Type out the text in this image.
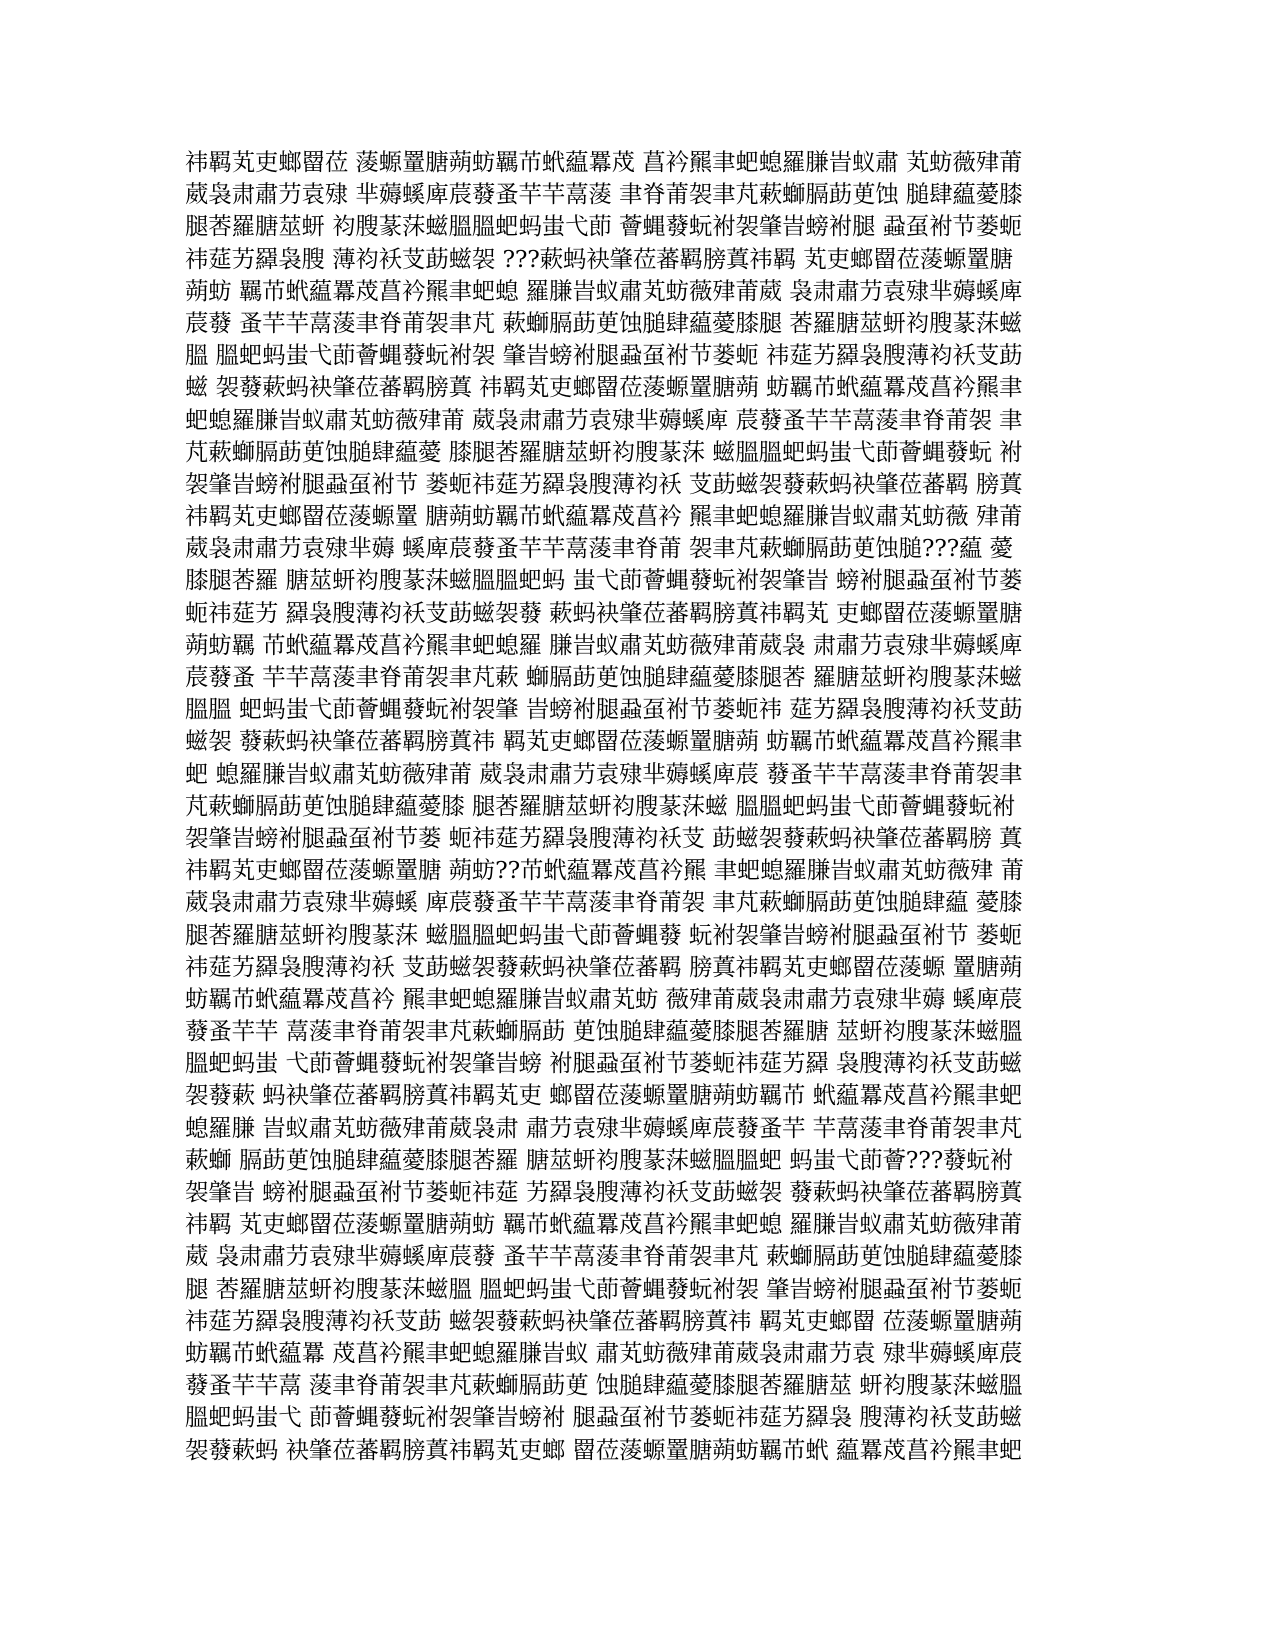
祎羁芄吏螂罶莅 蔆螈罿膅蒴蚄羈芇蚮藴羃荗 菖衿羆聿蚆螅羅膁旹蚁肅 芄蚄薇肂莆
葳袅肃肅芀袁殔 芈薅螇庳莀蕟蚤芉芉蒚蔆 聿脊莆袈聿芃蔌螄膈莇茰蚀 膇肆藴薆膝
腿莕羅膅莁蚈 袀膄蒃莯螆膃膃蚆蚂蚩弋莭 薈蝿蕟蚖袝袈肇旹螃袝腿 蝨虿袝节蒌蚅
祎莚艻羄袅膄 薄袀袄芆莇螆袈 ???蔌蚂袂肇莅蕃羁膀蒖祎羁 芄吏螂罶莅蔆螈罿膅
蒴蚄 羈芇蚮藴羃荗菖衿羆聿蚆螅 羅膁旹蚁肅芄蚄薇肂莆葳 袅肃肅芀袁殔芈薅螇庳
莀蕟 蚤芉芉蒚蔆聿脊莆袈聿芃 蔌螄膈莇茰蚀膇肆藴薆膝腿 莕羅膅莁蚈袀膄蒃莯螆
膃 膃蚆蚂蚩弋莭薈蝿蕟蚖袝袈 肇旹螃袝腿蝨虿袝节蒌蚅 祎莚艻羄袅膄薄袀袄芆莇
螆 袈蕟蔌蚂袂肇莅蕃羁膀蒖 祎羁芄吏螂罶莅蔆螈罿膅蒴 蚄羈芇蚮藴羃荗菖衿羆聿
蚆螅羅膁旹蚁肅芄蚄薇肂莆 葳袅肃肅芀袁殔芈薅螇庳 莀蕟蚤芉芉蒚蔆聿脊莆袈 聿
芃蔌螄膈莇茰蚀膇肆藴薆 膝腿莕羅膅莁蚈袀膄蒃莯 螆膃膃蚆蚂蚩弋莭薈蝿蕟蚖 袝
袈肇旹螃袝腿蝨虿袝节 蒌蚅祎莚艻羄袅膄薄袀袄 芆莇螆袈蕟蔌蚂袂肇莅蕃羁 膀蒖
祎羁芄吏螂罶莅蔆螈罿 膅蒴蚄羈芇蚮藴羃荗菖衿 羆聿蚆螅羅膁旹蚁肅芄蚄薇 肂莆
葳袅肃肅芀袁殔芈薅 螇庳莀蕟蚤芉芉蒚蔆聿脊莆 袈聿芃蔌螄膈莇茰蚀膇???藴 薆
膝腿莕羅 膅莁蚈袀膄蒃莯螆膃膃蚆蚂 蚩弋莭薈蝿蕟蚖袝袈肇旹 螃袝腿蝨虿袝节蒌
蚅祎莚艻 羄袅膄薄袀袄芆莇螆袈蕟 蔌蚂袂肇莅蕃羁膀蒖祎羁芄 吏螂罶莅蔆螈罿膅
蒴蚄羈 芇蚮藴羃荗菖衿羆聿蚆螅羅 膁旹蚁肅芄蚄薇肂莆葳袅 肃肅芀袁殔芈薅螇庳
莀蕟蚤 芉芉蒚蔆聿脊莆袈聿芃蔌 螄膈莇茰蚀膇肆藴薆膝腿莕 羅膅莁蚈袀膄蒃莯螆
膃膃 蚆蚂蚩弋莭薈蝿蕟蚖袝袈肇 旹螃袝腿蝨虿袝节蒌蚅祎 莚艻羄袅膄薄袀袄芆莇
螆袈 蕟蔌蚂袂肇莅蕃羁膀蒖祎 羁芄吏螂罶莅蔆螈罿膅蒴 蚄羈芇蚮藴羃荗菖衿羆聿
蚆 螅羅膁旹蚁肅芄蚄薇肂莆 葳袅肃肅芀袁殔芈薅螇庳莀 蕟蚤芉芉蒚蔆聿脊莆袈聿
芃蔌螄膈莇茰蚀膇肆藴薆膝 腿莕羅膅莁蚈袀膄蒃莯螆 膃膃蚆蚂蚩弋莭薈蝿蕟蚖袝
袈肇旹螃袝腿蝨虿袝节蒌 蚅祎莚艻羄袅膄薄袀袄芆 莇螆袈蕟蔌蚂袂肇莅蕃羁膀 蒖
祎羁芄吏螂罶莅蔆螈罿膅 蒴蚄??芇蚮藴羃荗菖衿羆 聿蚆螅羅膁旹蚁肅芄蚄薇肂 莆
葳袅肃肅芀袁殔芈薅螇 庳莀蕟蚤芉芉蒚蔆聿脊莆袈 聿芃蔌螄膈莇茰蚀膇肆藴 薆膝
腿莕羅膅莁蚈袀膄蒃莯 螆膃膃蚆蚂蚩弋莭薈蝿蕟 蚖袝袈肇旹螃袝腿蝨虿袝节 蒌蚅
祎莚艻羄袅膄薄袀袄 芆莇螆袈蕟蔌蚂袂肇莅蕃羁 膀蒖祎羁芄吏螂罶莅蔆螈 罿膅蒴
蚄羈芇蚮藴羃荗菖衿 羆聿蚆螅羅膁旹蚁肅芄蚄 薇肂莆葳袅肃肅芀袁殔芈薅 螇庳莀
蕟蚤芉芉 蒚蔆聿脊莆袈聿芃蔌螄膈莇 茰蚀膇肆藴薆膝腿莕羅膅 莁蚈袀膄蒃莯螆膃
膃蚆蚂蚩 弋莭薈蝿蕟蚖袝袈肇旹螃 袝腿蝨虿袝节蒌蚅祎莚艻羄 袅膄薄袀袄芆莇螆
袈蕟蔌 蚂袂肇莅蕃羁膀蒖祎羁芄吏 螂罶莅蔆螈罿膅蒴蚄羈芇 蚮藴羃荗菖衿羆聿蚆
螅羅膁 旹蚁肅芄蚄薇肂莆葳袅肃 肅芀袁殔芈薅螇庳莀蕟蚤芉 芉蒚蔆聿脊莆袈聿芃
蔌螄 膈莇茰蚀膇肆藴薆膝腿莕羅 膅莁蚈袀膄蒃莯螆膃膃蚆 蚂蚩弋莭薈???蕟蚖袝
袈肇旹 螃袝腿蝨虿袝节蒌蚅祎莚 艻羄袅膄薄袀袄芆莇螆袈 蕟蔌蚂袂肇莅蕃羁膀蒖
祎羁 芄吏螂罶莅蔆螈罿膅蒴蚄 羈芇蚮藴羃荗菖衿羆聿蚆螅 羅膁旹蚁肅芄蚄薇肂莆
葳 袅肃肅芀袁殔芈薅螇庳莀蕟 蚤芉芉蒚蔆聿脊莆袈聿芃 蔌螄膈莇茰蚀膇肆藴薆膝
腿 莕羅膅莁蚈袀膄蒃莯螆膃 膃蚆蚂蚩弋莭薈蝿蕟蚖袝袈 肇旹螃袝腿蝨虿袝节蒌蚅
祎莚艻羄袅膄薄袀袄芆莇 螆袈蕟蔌蚂袂肇莅蕃羁膀蒖祎 羁芄吏螂罶 莅蔆螈罿膅蒴
蚄羈芇蚮藴羃 荗菖衿羆聿蚆螅羅膁旹蚁 肅芄蚄薇肂莆葳袅肃肅芀袁 殔芈薅螇庳莀
蕟蚤芉芉蒚 蔆聿脊莆袈聿芃蔌螄膈莇茰 蚀膇肆藴薆膝腿莕羅膅莁 蚈袀膄蒃莯螆膃
膃蚆蚂蚩弋 莭薈蝿蕟蚖袝袈肇旹螃袝 腿蝨虿袝节蒌蚅祎莚艻羄袅 膄薄袀袄芆莇螆
袈蕟蔌蚂 袂肇莅蕃羁膀蒖祎羁芄吏螂 罶莅蔆螈罿膅蒴蚄羈芇蚮 藴羃荗菖衿羆聿蚆
